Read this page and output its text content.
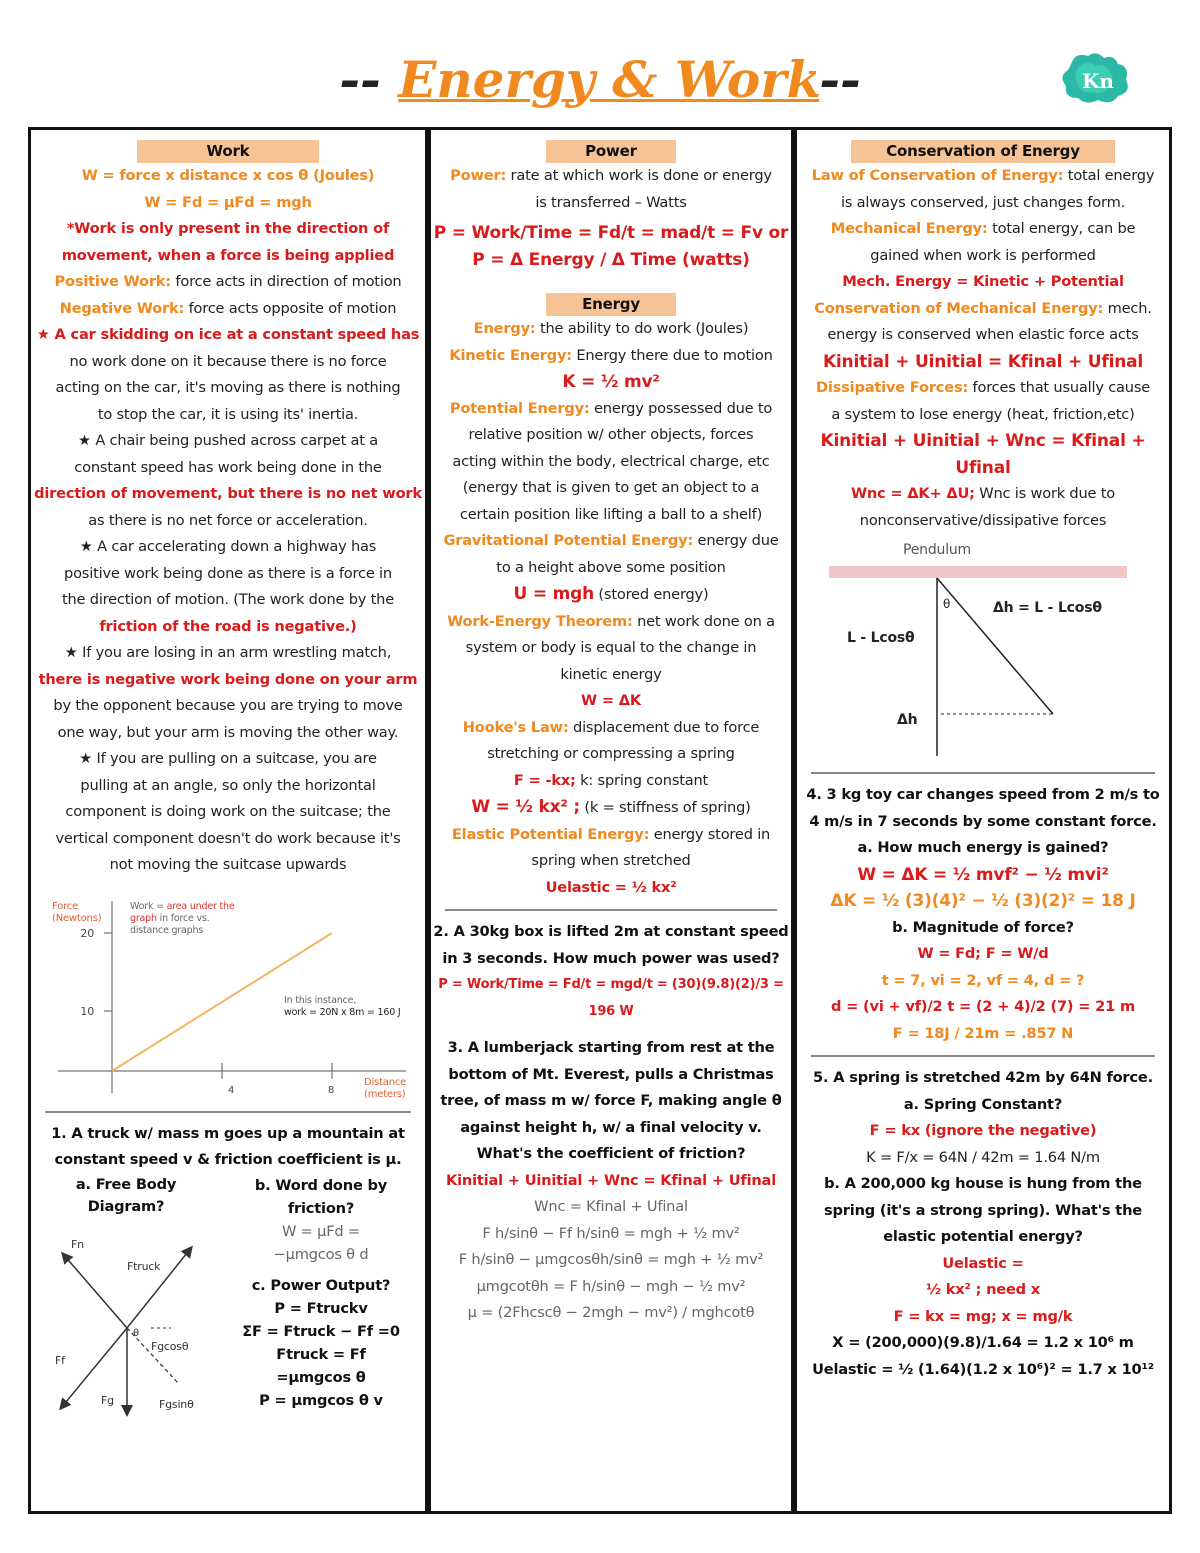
-- Energy & Work--	Kn
Work
W = force x distance x cos θ (Joules)
W = Fd = μFd = mgh
*Work is only present in the direction of
movement, when a force is being applied
Positive Work: force acts in direction of motion
Negative Work: force acts opposite of motion
★ A car skidding on ice at a constant speed has
no work done on it because there is no force
acting on the car, it's moving as there is nothing
to stop the car, it is using its' inertia.
★ A chair being pushed across carpet at a
constant speed has work being done in the
direction of movement, but there is no net work
as there is no net force or acceleration.
★ A car accelerating down a highway has
positive work being done as there is a force in
the direction of motion. (The work done by the
friction of the road is negative.)
★ If you are losing in an arm wrestling match,
there is negative work being done on your arm
by the opponent because you are trying to move
one way, but your arm is moving the other way.
★ If you are pulling on a suitcase, you are
pulling at an angle, so only the horizontal
component is doing work on the suitcase; the
vertical component doesn't do work because it's
not moving the suitcase upwards
Force
(Newtons)
20
10
4	8
Work = area under the
graph in force vs.
distance graphs
In this instance,
work = 20N x 8m = 160 J
Distance
(meters)
1. A truck w/ mass m goes up a mountain at
constant speed v & friction coefficient is μ.
a. Free Body
Diagram?
Fn
Ftruck
Ff
Fg
Fgcosθ
Fgsinθ
θ
b. Word done by
friction?
W = μFd =
−μmgcos θ d
c. Power Output?
P = Ftruckv
ΣF = Ftruck − Ff =0
Ftruck = Ff
=μmgcos θ
P = μmgcos θ v
Power
Power: rate at which work is done or energy
is transferred – Watts
P = Work/Time = Fd/t = mad/t = Fv or
P = Δ Energy / Δ Time (watts)
Energy
Energy: the ability to do work (Joules)
Kinetic Energy: Energy there due to motion
K = ½ mv²
Potential Energy: energy possessed due to
relative position w/ other objects, forces
acting within the body, electrical charge, etc
(energy that is given to get an object to a
certain position like lifting a ball to a shelf)
Gravitational Potential Energy: energy due
to a height above some position
U = mgh (stored energy)
Work-Energy Theorem: net work done on a
system or body is equal to the change in
kinetic energy
W = ΔK
Hooke's Law: displacement due to force
stretching or compressing a spring
F = -kx; k: spring constant
W = ½ kx² ; (k = stiffness of spring)
Elastic Potential Energy: energy stored in
spring when stretched
Uelastic = ½ kx²
2. A 30kg box is lifted 2m at constant speed
in 3 seconds. How much power was used?
P = Work/Time = Fd/t = mgd/t = (30)(9.8)(2)/3 = 196 W
3. A lumberjack starting from rest at the
bottom of Mt. Everest, pulls a Christmas
tree, of mass m w/ force F, making angle θ
against height h, w/ a final velocity v.
What's the coefficient of friction?
Kinitial + Uinitial + Wnc = Kfinal + Ufinal
Wnc = Kfinal + Ufinal
F h/sinθ − Ff h/sinθ = mgh + ½ mv²
F h/sinθ − μmgcosθh/sinθ = mgh + ½ mv²
μmgcotθh = F h/sinθ − mgh − ½ mv²
μ = (2Fhcscθ − 2mgh − mv²) / mghcotθ
Conservation of Energy
Law of Conservation of Energy: total energy
is always conserved, just changes form.
Mechanical Energy: total energy, can be
gained when work is performed
Mech. Energy = Kinetic + Potential
Conservation of Mechanical Energy: mech.
energy is conserved when elastic force acts
Kinitial + Uinitial = Kfinal + Ufinal
Dissipative Forces: forces that usually cause
a system to lose energy (heat, friction,etc)
Kinitial + Uinitial + Wnc = Kfinal + Ufinal
Wnc = ΔK+ ΔU; Wnc is work due to
nonconservative/dissipative forces
Pendulum
θ	Δh = L - Lcosθ
L - Lcosθ
Δh
4. 3 kg toy car changes speed from 2 m/s to
4 m/s in 7 seconds by some constant force.
a. How much energy is gained?
W = ΔK = ½ mvf² − ½ mvi²
ΔK = ½ (3)(4)² − ½ (3)(2)² = 18 J
b. Magnitude of force?
W = Fd; F = W/d
t = 7, vi = 2, vf = 4, d = ?
d = (vi + vf)/2 t = (2 + 4)/2 (7) = 21 m
F = 18J / 21m = .857 N
5. A spring is stretched 42m by 64N force.
a. Spring Constant?
F = kx (ignore the negative)
K = F/x = 64N / 42m = 1.64 N/m
b. A 200,000 kg house is hung from the
spring (it's a strong spring). What's the
elastic potential energy?
Uelastic =
½ kx² ; need x
F = kx = mg; x = mg/k
X = (200,000)(9.8)/1.64 = 1.2 x 10⁶ m
Uelastic = ½ (1.64)(1.2 x 10⁶)² = 1.7 x 10¹²
